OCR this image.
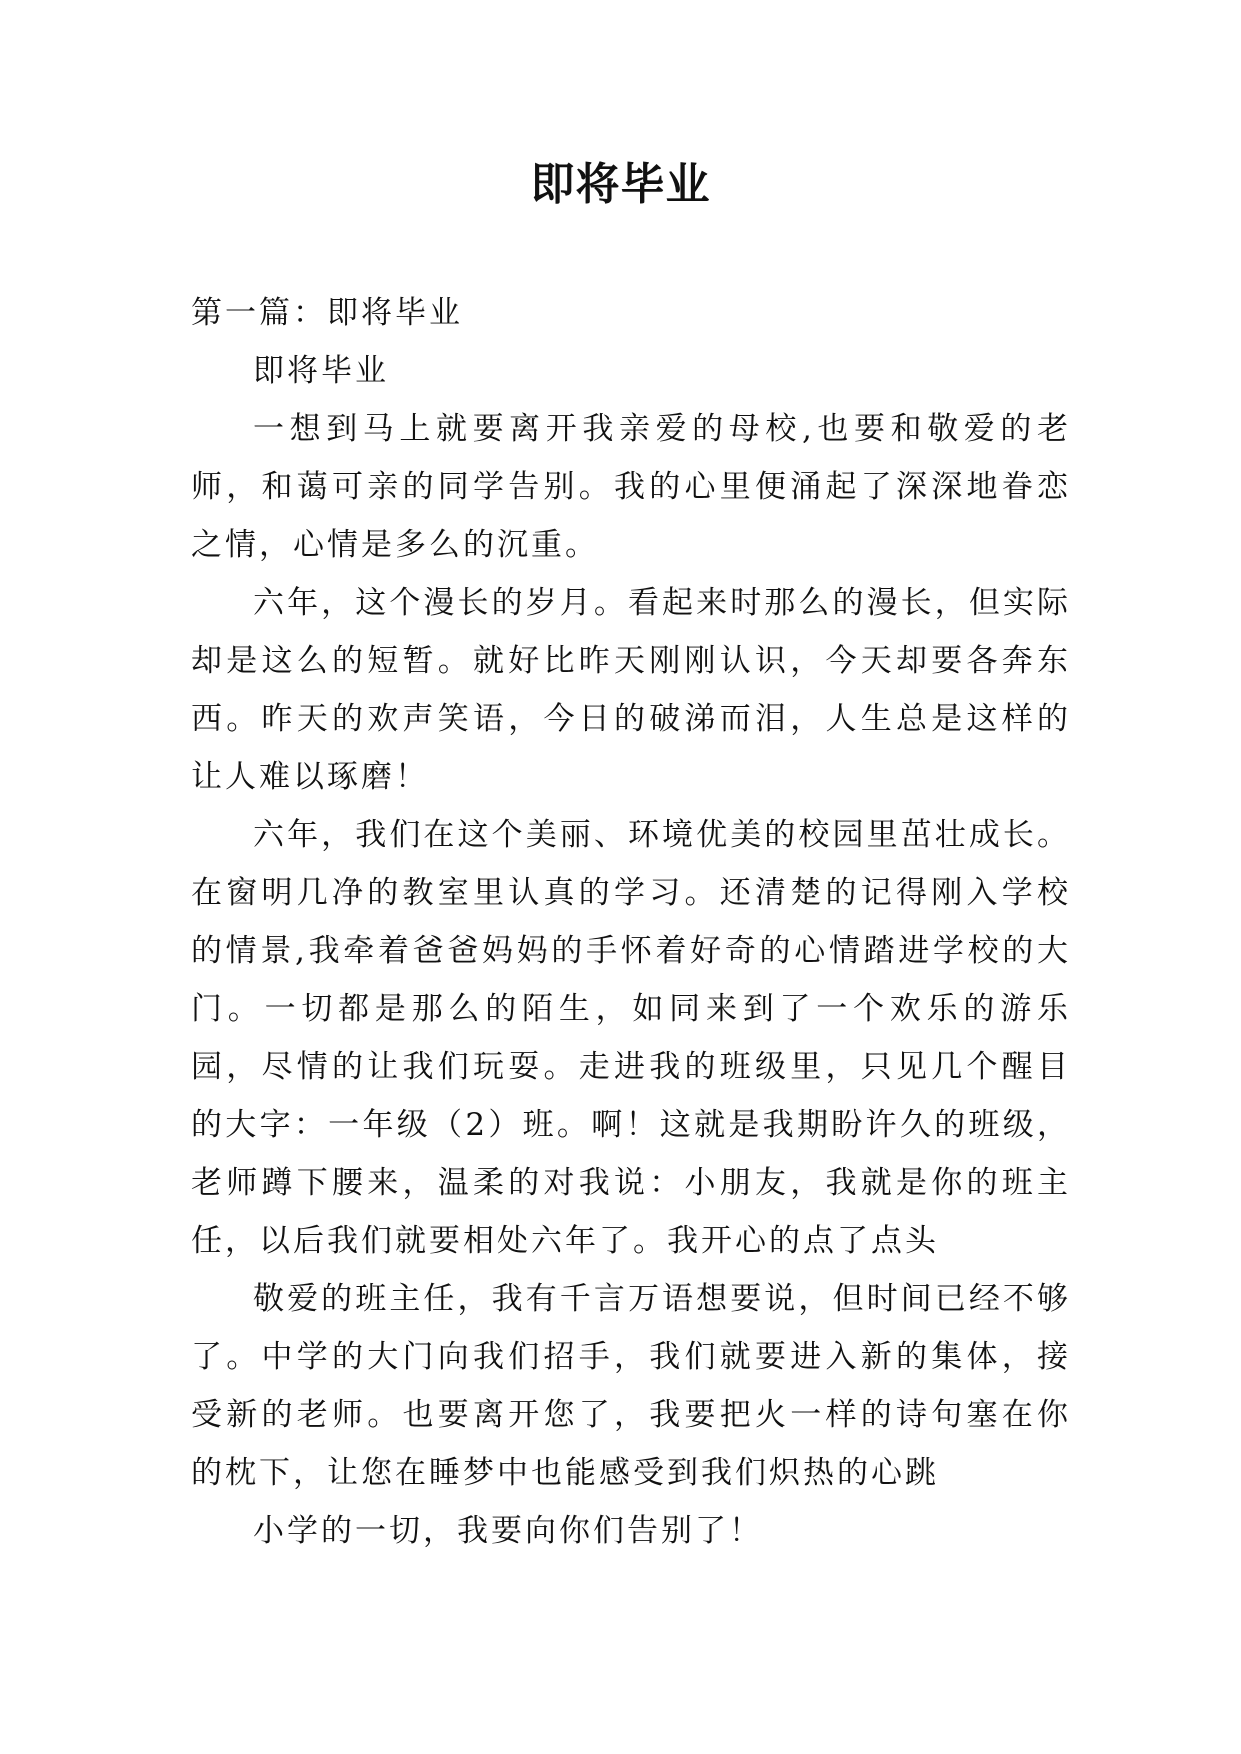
即将毕业

第一篇：即将毕业

即将毕业

一想到马上就要离开我亲爱的母校,也要和敬爱的老师，和蔼可亲的同学告别。我的心里便涌起了深深地眷恋之情，心情是多么的沉重。

六年，这个漫长的岁月。看起来时那么的漫长，但实际却是这么的短暂。就好比昨天刚刚认识，今天却要各奔东西。昨天的欢声笑语，今日的破涕而泪，人生总是这样的让人难以琢磨！

六年，我们在这个美丽、环境优美的校园里茁壮成长。在窗明几净的教室里认真的学习。还清楚的记得刚入学校的情景,我牵着爸爸妈妈的手怀着好奇的心情踏进学校的大门。一切都是那么的陌生，如同来到了一个欢乐的游乐园，尽情的让我们玩耍。走进我的班级里，只见几个醒目的大字：一年级（2）班。啊！这就是我期盼许久的班级，老师蹲下腰来，温柔的对我说：小朋友，我就是你的班主任，以后我们就要相处六年了。我开心的点了点头

敬爱的班主任，我有千言万语想要说，但时间已经不够了。中学的大门向我们招手，我们就要进入新的集体，接受新的老师。也要离开您了，我要把火一样的诗句塞在你的枕下，让您在睡梦中也能感受到我们炽热的心跳

小学的一切，我要向你们告别了！
